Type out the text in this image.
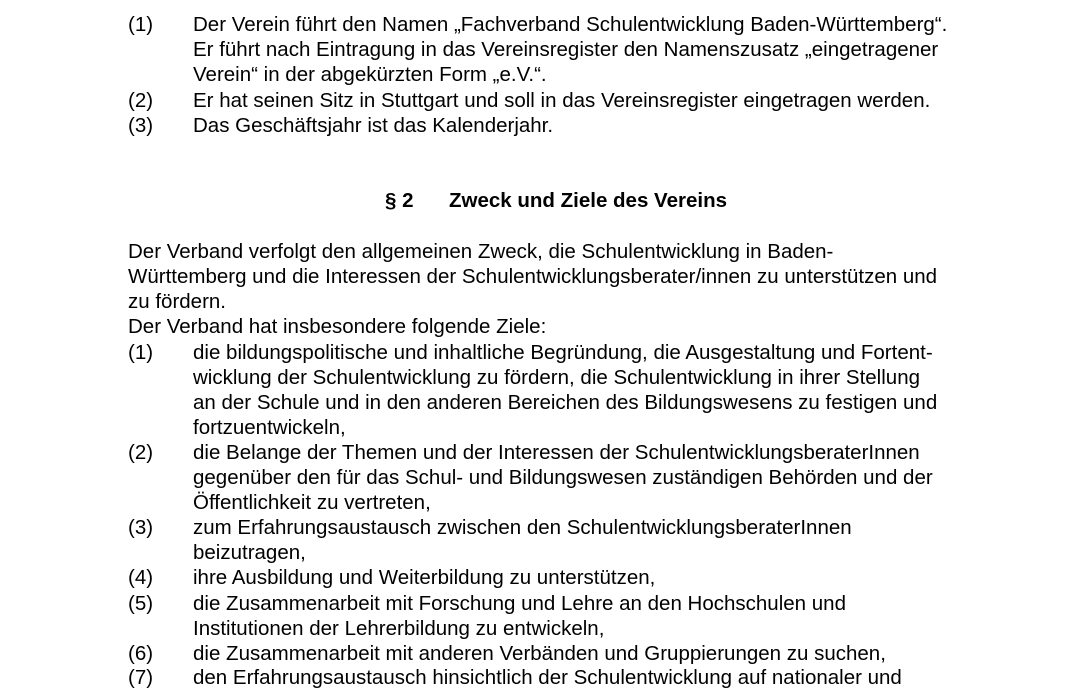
(1) Der Verein führt den Namen „Fachverband Schulentwicklung Baden-Württemberg“.
Er führt nach Eintragung in das Vereinsregister den Namenszusatz „eingetragener
Verein“ in der abgekürzten Form „e.V.“.
(2) Er hat seinen Sitz in Stuttgart und soll in das Vereinsregister eingetragen werden.
(3) Das Geschäftsjahr ist das Kalenderjahr.
§ 2 Zweck und Ziele des Vereins
Der Verband verfolgt den allgemeinen Zweck, die Schulentwicklung in Baden-
Württemberg und die Interessen der Schulentwicklungsberater/innen zu unterstützen und
zu fördern.
Der Verband hat insbesondere folgende Ziele:
(1) die bildungspolitische und inhaltliche Begründung, die Ausgestaltung und Fortent-
wicklung der Schulentwicklung zu fördern, die Schulentwicklung in ihrer Stellung
an der Schule und in den anderen Bereichen des Bildungswesens zu festigen und
fortzuentwickeln,
(2) die Belange der Themen und der Interessen der SchulentwicklungsberaterInnen
gegenüber den für das Schul- und Bildungswesen zuständigen Behörden und der
Öffentlichkeit zu vertreten,
(3) zum Erfahrungsaustausch zwischen den SchulentwicklungsberaterInnen
beizutragen,
(4) ihre Ausbildung und Weiterbildung zu unterstützen,
(5) die Zusammenarbeit mit Forschung und Lehre an den Hochschulen und
Institutionen der Lehrerbildung zu entwickeln,
(6) die Zusammenarbeit mit anderen Verbänden und Gruppierungen zu suchen,
(7) den Erfahrungsaustausch hinsichtlich der Schulentwicklung auf nationaler und
